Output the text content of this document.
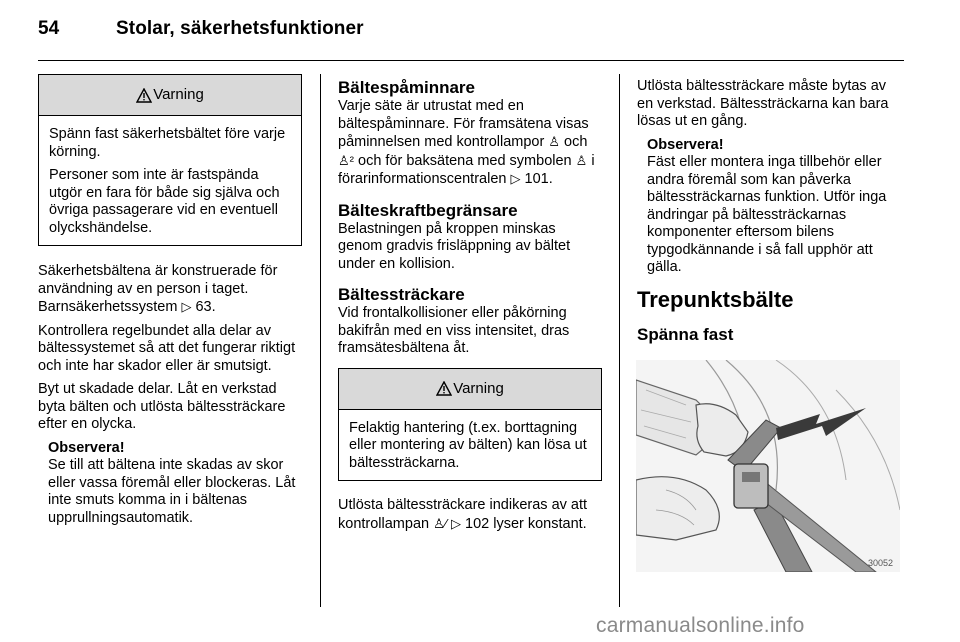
54	Stolar, säkerhetsfunktioner
Varning

Spänn fast säkerhetsbältet före varje körning.

Personer som inte är fastspända utgör en fara för både sig själva och övriga passagerare vid en eventuell olyckshändelse.

Säkerhetsbältena är konstruerade för användning av en person i taget. Barnsäkerhetssystem ▷ 63.

Kontrollera regelbundet alla delar av bältessystemet så att det fungerar riktigt och inte har skador eller är smutsigt.

Byt ut skadade delar. Låt en verkstad byta bälten och utlösta bältessträckare efter en olycka.

Observera!
Se till att bältena inte skadas av skor eller vassa föremål eller blockeras. Låt inte smuts komma in i bältenas upprullningsautomatik.
Bältespåminnare

Varje säte är utrustat med en bältespåminnare. För framsätena visas påminnelsen med kontrollampor ♙ och ♙² och för baksätena med symbolen ♙ i förarinformationscentralen ▷ 101.

Bälteskraftbegränsare

Belastningen på kroppen minskas genom gradvis frisläppning av bältet under en kollision.

Bältessträckare

Vid frontalkollisioner eller påkörning bakifrån med en viss intensitet, dras framsätesbältena åt.

Varning

Felaktig hantering (t.ex. borttagning eller montering av bälten) kan lösa ut bältessträckarna.

Utlösta bältessträckare indikeras av att kontrollampan ♙⁄ ▷ 102 lyser konstant.

Utlösta bältessträckare måste bytas av en verkstad. Bältessträckarna kan bara lösas ut en gång.

Observera!
Fäst eller montera inga tillbehör eller andra föremål som kan påverka bältessträckarnas funktion. Utför inga ändringar på bältessträckarnas komponenter eftersom bilens typgodkännande i så fall upphör att gälla.
Trepunktsbälte
Spänna fast
30052
carmanualsonline.info
